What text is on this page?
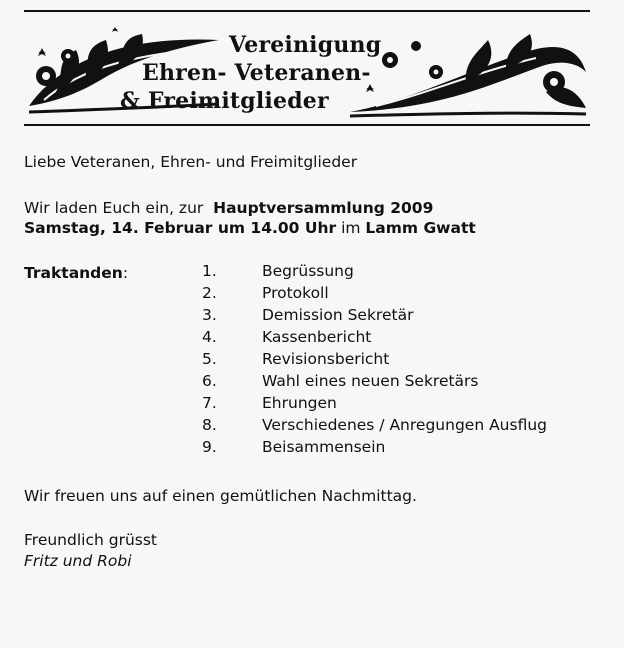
Vereinigung
Ehren- Veteranen-
& Freimitglieder
Liebe Veteranen, Ehren- und Freimitglieder
Wir laden Euch ein, zur Hauptversammlung 2009
Samstag, 14. Februar um 14.00 Uhr im Lamm Gwatt
Traktanden:	1.	Begrüssung
2.	Protokoll
3.	Demission Sekretär
4.	Kassenbericht
5.	Revisionsbericht
6.	Wahl eines neuen Sekretärs
7.	Ehrungen
8.	Verschiedenes / Anregungen Ausflug
9.	Beisammensein
Wir freuen uns auf einen gemütlichen Nachmittag.
Freundlich grüsst
Fritz und Robi
